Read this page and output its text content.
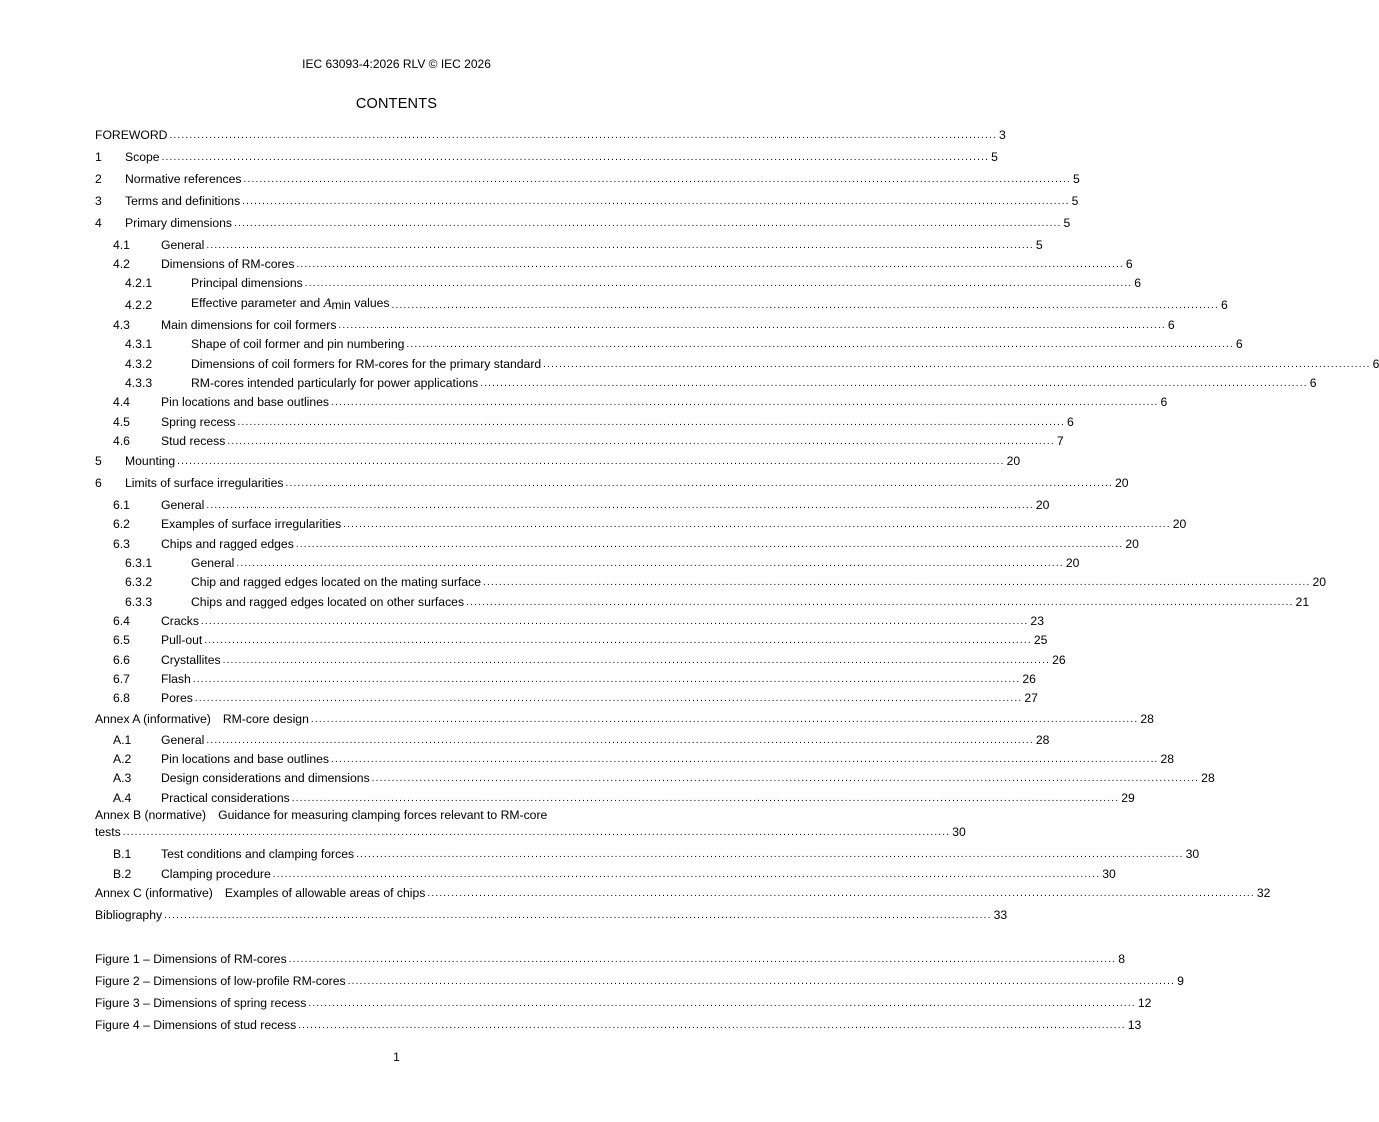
IEC 63093-4:2026 RLV © IEC 2026
CONTENTS
FOREWORD ................................................................................................................................................................................................................ 3
1	Scope ................................................................................................................................................................................................................ 5
2	Normative references ................................................................................................................................................................................................................ 5
3	Terms and definitions ................................................................................................................................................................................................................ 5
4	Primary dimensions ................................................................................................................................................................................................................ 5
4.1	General ................................................................................................................................................................................................................ 5
4.2	Dimensions of RM-cores ................................................................................................................................................................................................................ 6
4.2.1	Principal dimensions ................................................................................................................................................................................................................ 6
4.2.2	Effective parameter and $A_{min}$ values ................................................................................................................................................................................................................ 6
4.3	Main dimensions for coil formers ................................................................................................................................................................................................................ 6
4.3.1	Shape of coil former and pin numbering ................................................................................................................................................................................................................ 6
4.3.2	Dimensions of coil formers for RM-cores for the primary standard ................................................................................................................................................................................................................ 6
4.3.3	RM-cores intended particularly for power applications ................................................................................................................................................................................................................ 6
4.4	Pin locations and base outlines ................................................................................................................................................................................................................ 6
4.5	Spring recess ................................................................................................................................................................................................................ 6
4.6	Stud recess ................................................................................................................................................................................................................ 7
5	Mounting ................................................................................................................................................................................................................ 20
6	Limits of surface irregularities ................................................................................................................................................................................................................ 20
6.1	General ................................................................................................................................................................................................................ 20
6.2	Examples of surface irregularities ................................................................................................................................................................................................................ 20
6.3	Chips and ragged edges ................................................................................................................................................................................................................ 20
6.3.1	General ................................................................................................................................................................................................................ 20
6.3.2	Chip and ragged edges located on the mating surface ................................................................................................................................................................................................................ 20
6.3.3	Chips and ragged edges located on other surfaces ................................................................................................................................................................................................................ 21
6.4	Cracks ................................................................................................................................................................................................................ 23
6.5	Pull-out ................................................................................................................................................................................................................ 25
6.6	Crystallites ................................................................................................................................................................................................................ 26
6.7	Flash ................................................................................................................................................................................................................ 26
6.8	Pores ................................................................................................................................................................................................................ 27
Annex A (informative) RM-core design ................................................................................................................................................................................................................ 28
A.1	General ................................................................................................................................................................................................................ 28
A.2	Pin locations and base outlines ................................................................................................................................................................................................................ 28
A.3	Design considerations and dimensions ................................................................................................................................................................................................................ 28
A.4	Practical considerations ................................................................................................................................................................................................................ 29
Annex B (normative) Guidance for measuring clamping forces relevant to RM-core
tests ................................................................................................................................................................................................................ 30
B.1	Test conditions and clamping forces ................................................................................................................................................................................................................ 30
B.2	Clamping procedure ................................................................................................................................................................................................................ 30
Annex C (informative) Examples of allowable areas of chips ................................................................................................................................................................................................................ 32
Bibliography ................................................................................................................................................................................................................ 33
Figure 1 – Dimensions of RM-cores ................................................................................................................................................................................................................ 8
Figure 2 – Dimensions of low-profile RM-cores ................................................................................................................................................................................................................ 9
Figure 3 – Dimensions of spring recess ................................................................................................................................................................................................................ 12
Figure 4 – Dimensions of stud recess ................................................................................................................................................................................................................ 13
1
